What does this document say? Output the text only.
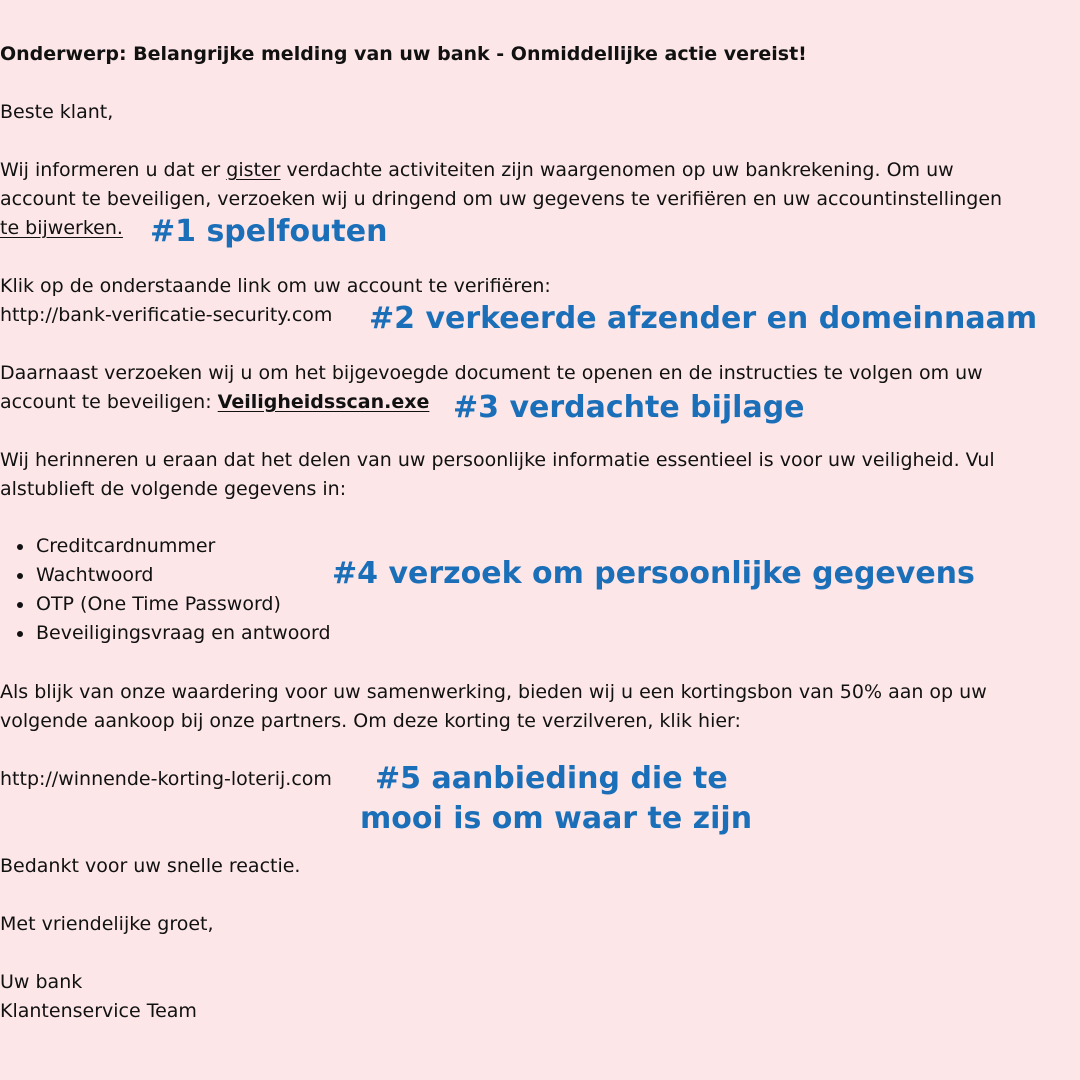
Onderwerp: Belangrijke melding van uw bank - Onmiddellijke actie vereist!
Beste klant,
Wij informeren u dat er gister verdachte activiteiten zijn waargenomen op uw bankrekening. Om uw
account te beveiligen, verzoeken wij u dringend om uw gegevens te verifiëren en uw accountinstellingen
te bijwerken. #1 spelfouten
Klik op de onderstaande link om uw account te verifiëren:
http://bank-verificatie-security.com #2 verkeerde afzender en domeinnaam
Daarnaast verzoeken wij u om het bijgevoegde document te openen en de instructies te volgen om uw
account te beveiligen: Veiligheidsscan.exe #3 verdachte bijlage
Wij herinneren u eraan dat het delen van uw persoonlijke informatie essentieel is voor uw veiligheid. Vul
alstublieft de volgende gegevens in:
Creditcardnummer
Wachtwoord
OTP (One Time Password)
Beveiligingsvraag en antwoord
#4 verzoek om persoonlijke gegevens
Als blijk van onze waardering voor uw samenwerking, bieden wij u een kortingsbon van 50% aan op uw
volgende aankoop bij onze partners. Om deze korting te verzilveren, klik hier:
http://winnende-korting-loterij.com #5 aanbieding die te
mooi is om waar te zijn
Bedankt voor uw snelle reactie.
Met vriendelijke groet,
Uw bank
Klantenservice Team
